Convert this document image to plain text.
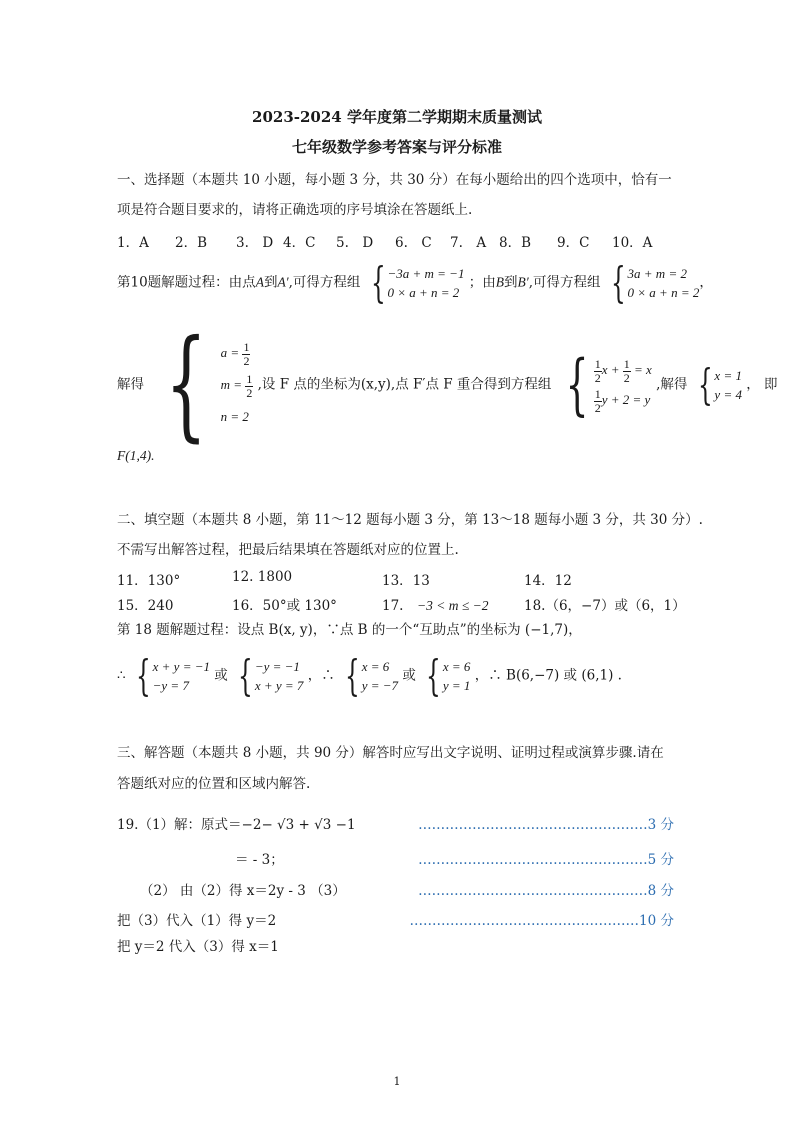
2023-2024 学年度第二学期期末质量测试
七年级数学参考答案与评分标准
一、选择题（本题共 10 小题，每小题 3 分，共 30 分）在每小题给出的四个选项中，恰有一
项是符合题目要求的，请将正确选项的序号填涂在答题纸上.
1．A 2．B 3.　D 4．C 5.　D 6.　C 7.　A 8．B 9．C 10．A
第10题解题过程：由点A到A′,可得方程组 { −3a + m = −1
0 × a + n = 2
；由B到B′,可得方程组 { 3a + m = 2
0 × a + n = 2
，
解得 { $a = \frac{1}{2}$
$m = \frac{1}{2}$
n = 2
,设 F 点的坐标为(x,y),点 F′点 F 重合得到方程组 { $\frac{1}{2}$ $x + \frac{1}{2} = x$
$\frac{1}{2}$ y + 2 = y
,解得 { x = 1
y = 4
， 即
F(1,4).
二、填空题（本题共 8 小题，第 11～12 题每小题 3 分，第 13～18 题每小题 3 分，共 30 分）.
不需写出解答过程，把最后结果填在答题纸对应的位置上.
11．130°	12. 1800	13．13	14．12
15．240	16．50°或 130°	17.　 −3 < m ≤ −2	18.（6，−7）或（6，1）
第 18 题解题过程：设点 B(x, y)，∵点 B 的一个“互助点”的坐标为 (−1,7)，
∴ { x + y = −1
−y = 7
或 { −y = −1
x + y = 7
，∴ { x = 6
y = −7
或 { x = 6
y = 1
，∴ B(6,−7) 或 (6,1) .
三、解答题（本题共 8 小题，共 90 分）解答时应写出文字说明、证明过程或演算步骤.请在
答题纸对应的位置和区域内解答.
19.（1）解：原式＝−2− √3 + √3 −1	……………………………………………3 分
＝ - 3；	……………………………………………5 分
（2） 由（2）得 x＝2y - 3 （3）	……………………………………………8 分
把（3）代入（1）得 y＝2	……………………………………………10 分
把 y＝2 代入（3）得 x＝1
1
